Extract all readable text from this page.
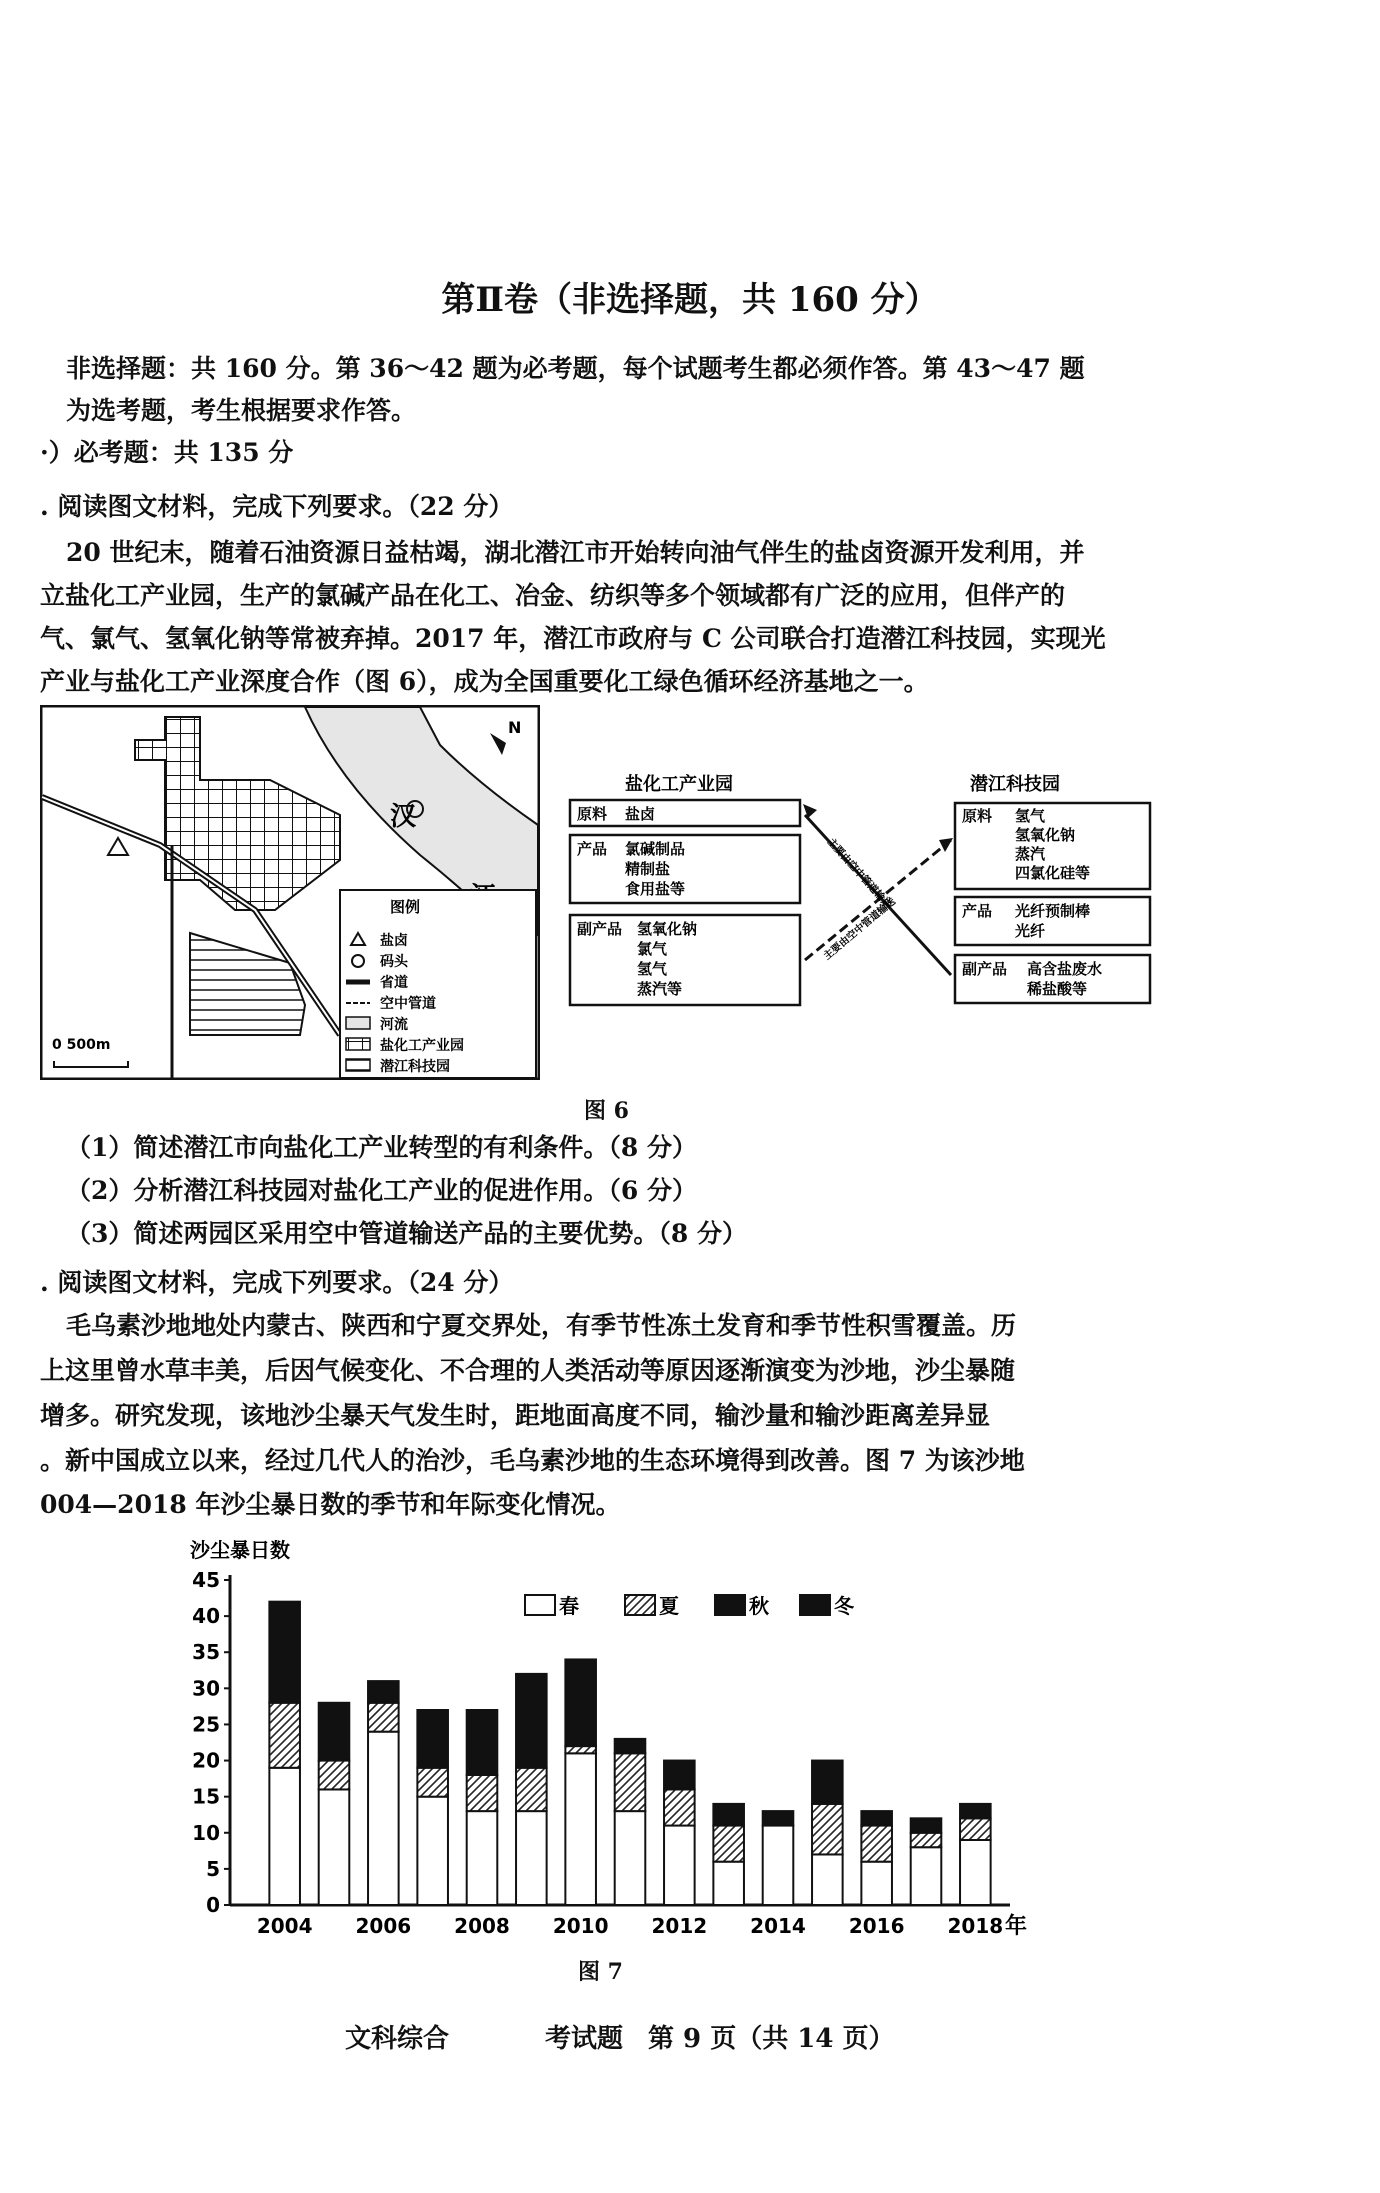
第Ⅱ卷（非选择题，共 160 分）
非选择题：共 160 分。第 36～42 题为必考题，每个试题考生都必须作答。第 43～47 题
为选考题，考生根据要求作答。
·）必考题：共 135 分
. 阅读图文材料，完成下列要求。（22 分）
20 世纪末，随着石油资源日益枯竭，湖北潜江市开始转向油气伴生的盐卤资源开发利用，并
立盐化工产业园，生产的氯碱产品在化工、冶金、纺织等多个领域都有广泛的应用，但伴产的
气、氯气、氢氧化钠等常被弃掉。2017 年，潜江市政府与 C 公司联合打造潜江科技园，实现光
产业与盐化工产业深度合作（图 6），成为全国重要化工绿色循环经济基地之一。
汉
N
0 500m
图例
盐卤
码头
省道
空中管道
河流
盐化工产业园
潜江科技园
盐化工产业园	潜江科技园
原料 盐卤
产品 氯碱制品
精制盐
食用盐等
副产品 氢氧化钠
氯气
氢气
蒸汽等
原料 氢气
氢氧化钠
蒸汽
四氯化硅等
产品 光纤预制棒
光纤
副产品 高含盐废水
稀盐酸等
主要由空中管道输送
主要由空中管道输送
图 6
（1）简述潜江市向盐化工产业转型的有利条件。（8 分）
（2）分析潜江科技园对盐化工产业的促进作用。（6 分）
（3）简述两园区采用空中管道输送产品的主要优势。（8 分）
. 阅读图文材料，完成下列要求。（24 分）
毛乌素沙地地处内蒙古、陕西和宁夏交界处，有季节性冻土发育和季节性积雪覆盖。历
上这里曾水草丰美，后因气候变化、不合理的人类活动等原因逐渐演变为沙地，沙尘暴随
增多。研究发现，该地沙尘暴天气发生时，距地面高度不同，输沙量和输沙距离差异显
。新中国成立以来，经过几代人的治沙，毛乌素沙地的生态环境得到改善。图 7 为该沙地
004—2018 年沙尘暴日数的季节和年际变化情况。
沙尘暴日数
0
5
10
15
20
25
30
35
40
45
2004 2006 2008 2010 2012 2014 2016 2018 年
春	夏	秋	冬
图 7
文科综合	考试题 第 9 页（共 14 页）
